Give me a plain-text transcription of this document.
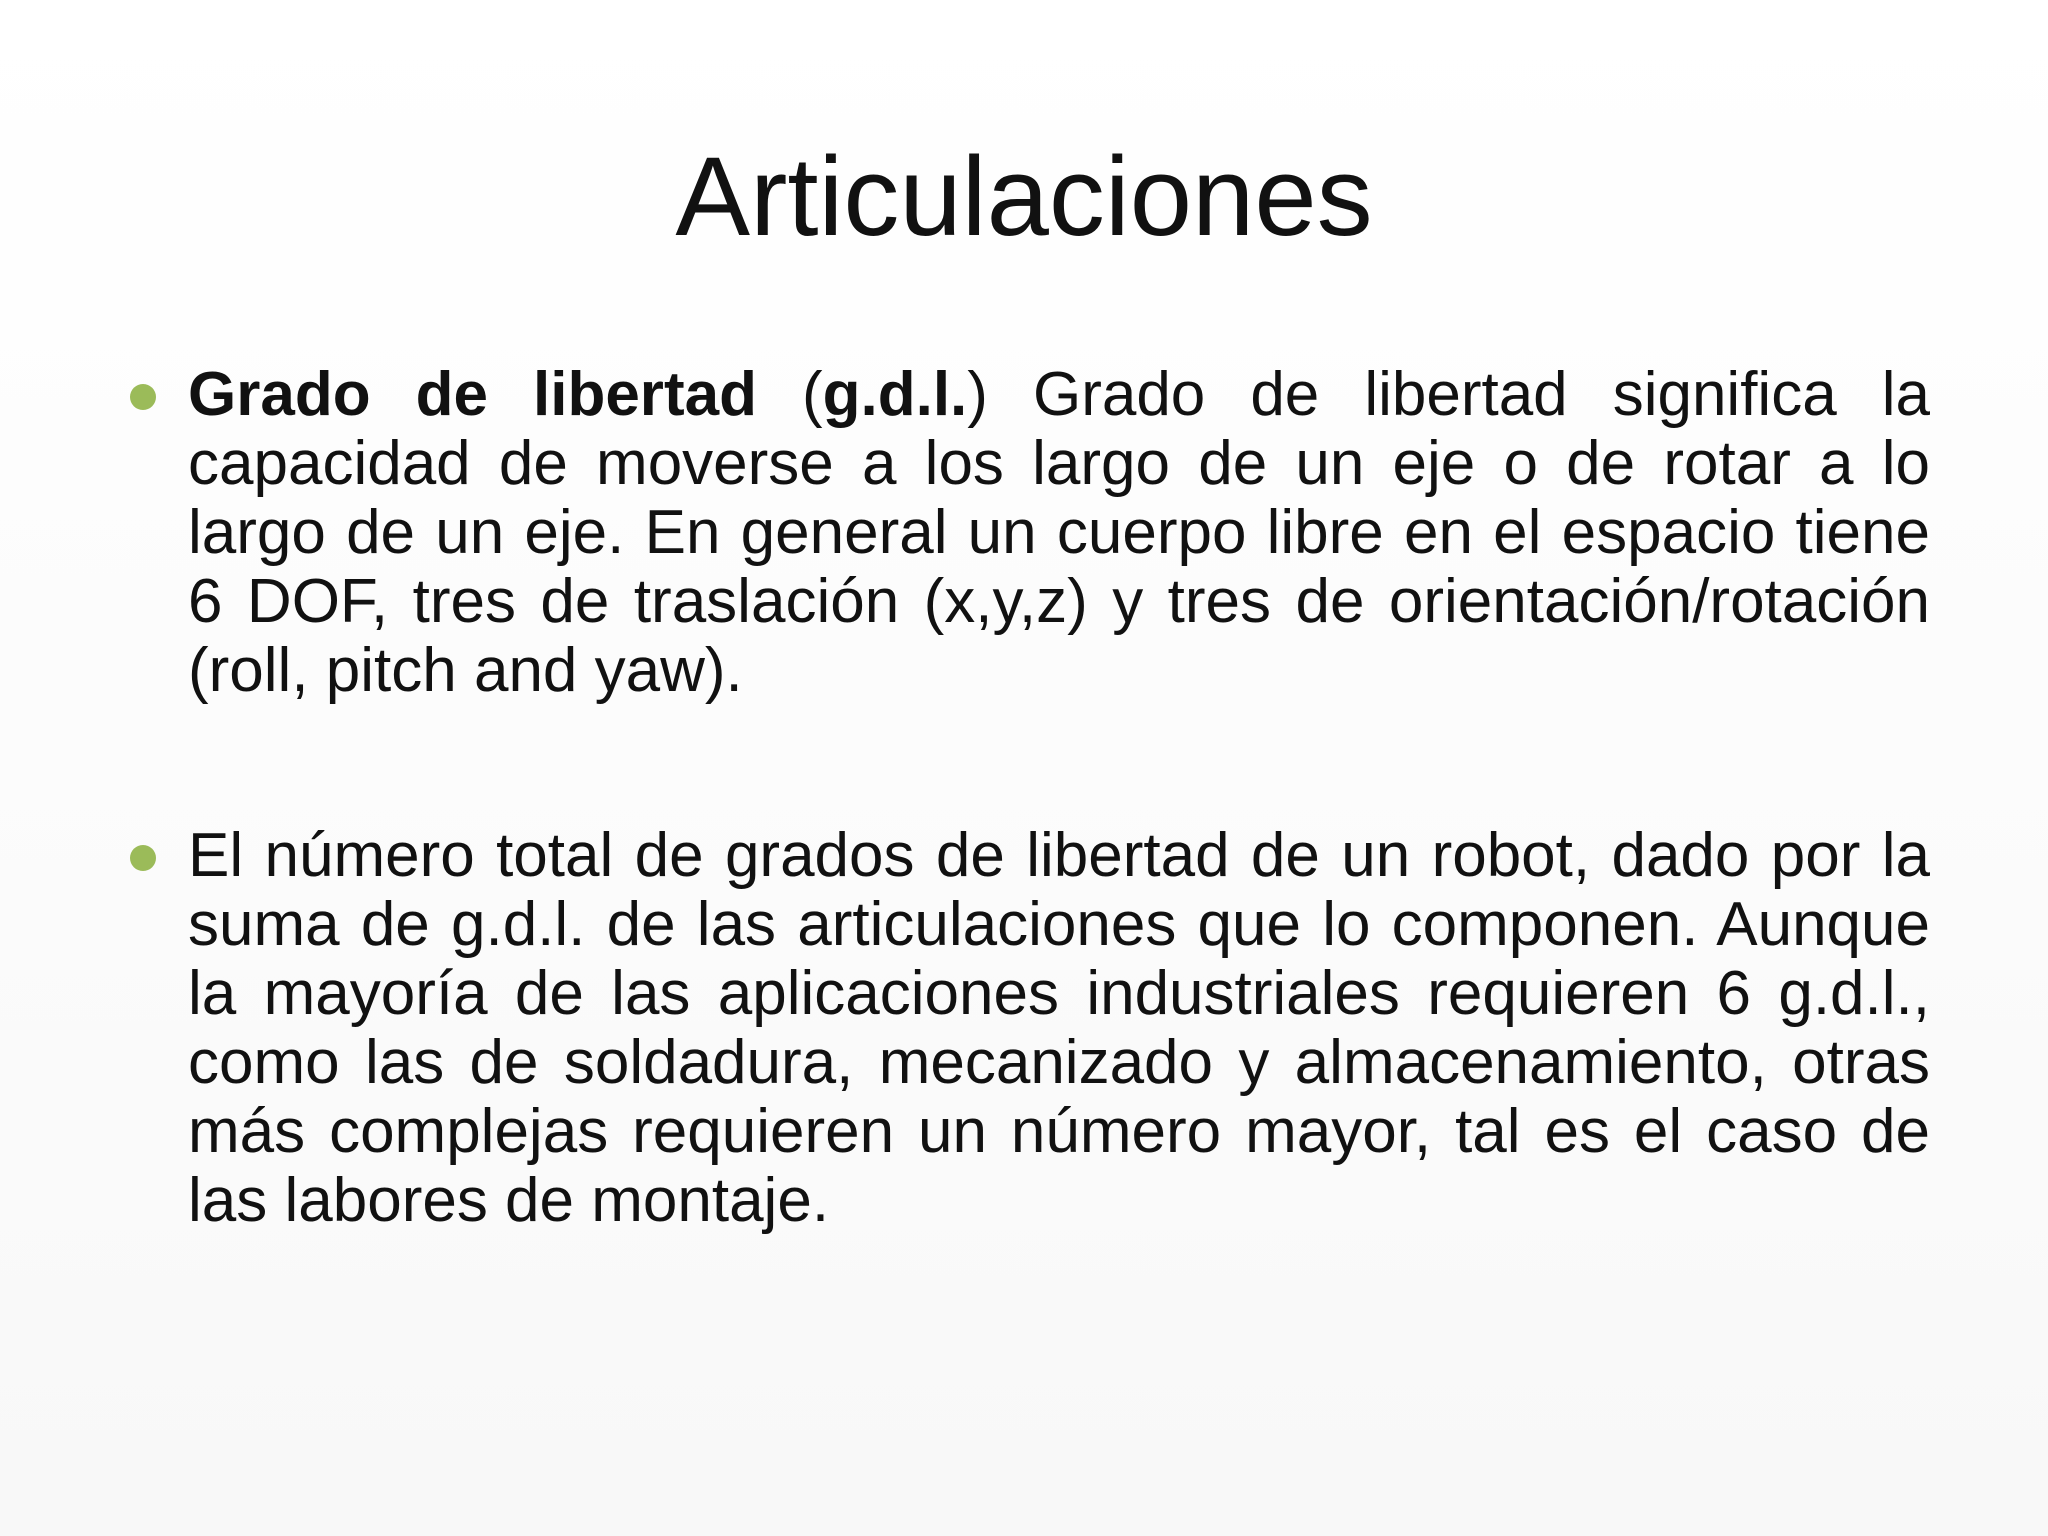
Articulaciones
Grado de libertad (g.d.l.) Grado de libertad significa la capacidad de moverse a los largo de un eje o de rotar a lo largo de un eje. En general un cuerpo libre en el espacio tiene 6 DOF, tres de traslación (x,y,z) y tres de orientación/rotación (roll, pitch and yaw).
El número total de grados de libertad de un robot, dado por la suma de g.d.l. de las articulaciones que lo componen. Aunque la mayoría de las aplicaciones industriales requieren 6 g.d.l., como las de soldadura, mecanizado y almacenamiento, otras más complejas requieren un número mayor, tal es el caso de las labores de montaje.
